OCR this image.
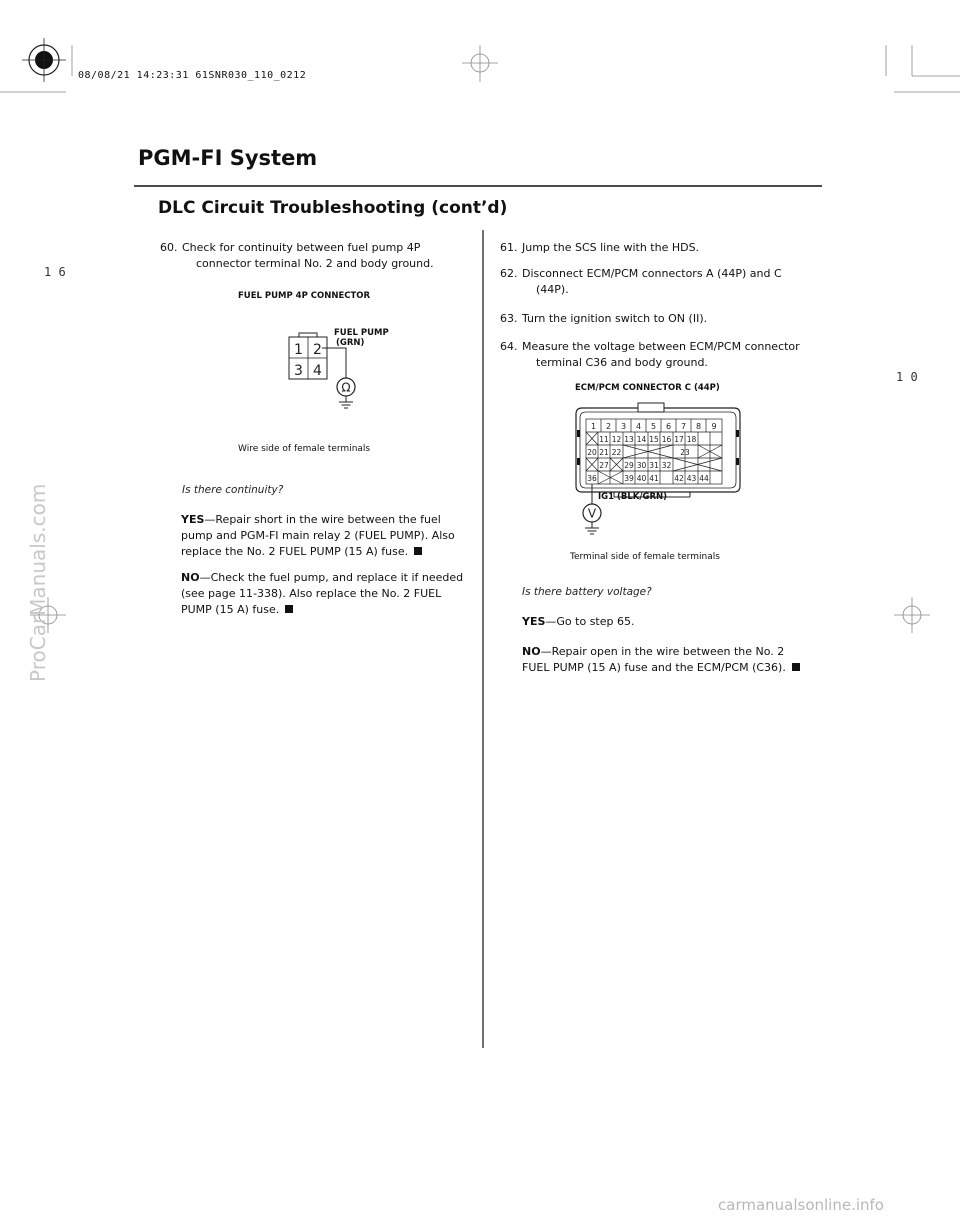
08/08/21 14:23:31 61SNR030_110_0212
PGM-FI System
DLC Circuit Troubleshooting (cont’d)
1 6
1 0
60. Check for continuity between fuel pump 4P
connector terminal No. 2 and body ground.
FUEL PUMP 4P CONNECTOR
1 2
3 4
Ω
FUEL PUMP
(GRN)
Wire side of female terminals
Is there continuity?
YES—Repair short in the wire between the fuel
pump and PGM-FI main relay 2 (FUEL PUMP). Also
replace the No. 2 FUEL PUMP (15 A) fuse.
NO—Check the fuel pump, and replace it if needed
(see page 11-338). Also replace the No. 2 FUEL
PUMP (15 A) fuse.
61. Jump the SCS line with the HDS.
62. Disconnect ECM/PCM connectors A (44P) and C
(44P).
63. Turn the ignition switch to ON (II).
64. Measure the voltage between ECM/PCM connector
terminal C36 and body ground.
ECM/PCM CONNECTOR C (44P)
1 2 3 4 5 6 7 8 9
11 12 13 14 15 16 17 18
20 21 22	23
27 29 30 31 32
36	39 40 41 42 43 44
V
IG1 (BLK/GRN)
Terminal side of female terminals
Is there battery voltage?
YES—Go to step 65.
NO—Repair open in the wire between the No. 2
FUEL PUMP (15 A) fuse and the ECM/PCM (C36).
ProCarManuals.com
carmanualsonline.info
